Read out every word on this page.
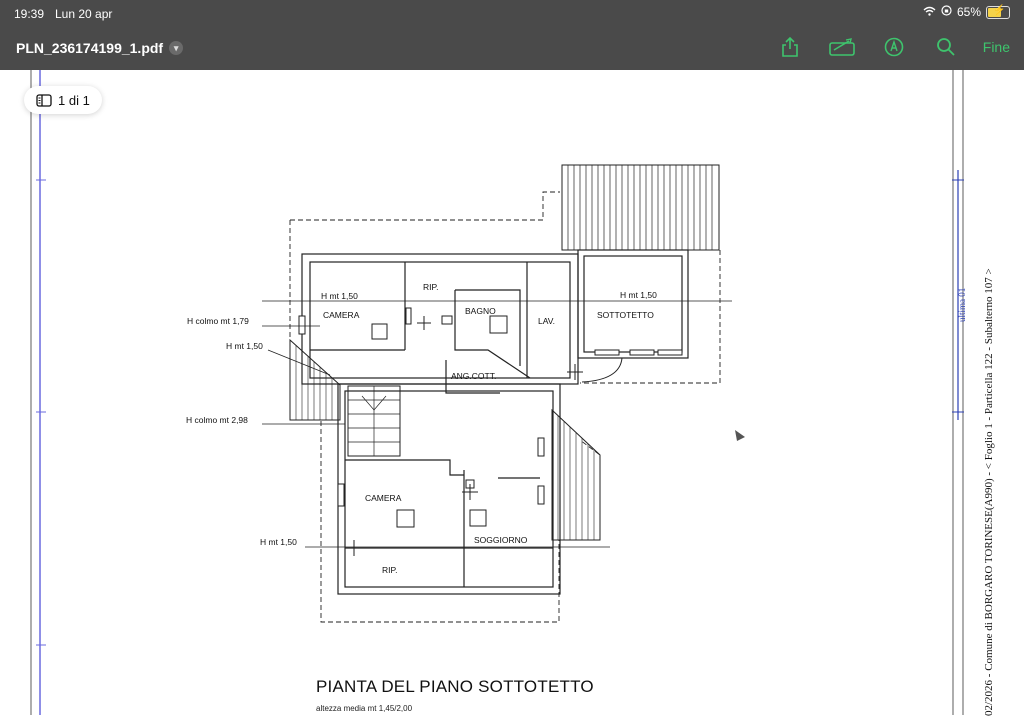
19:39 Lun 20 apr	65% ⚡
PLN_236174199_1.pdf	▾	Fine
1 di 1
CAMERA
RIP.
BAGNO
LAV.
SOTTOTETTO
ANG.COTT.
CAMERA
SOGGIORNO
RIP.
H mt 1,50	H mt 1,50
H colmo mt 1,79
H mt 1,50
H colmo mt 2,98
H mt 1,50
PIANTA DEL PIANO SOTTOTETTO
altezza media mt 1,45/2,00	02/2026 - Comune di BORGARO TORINESE(A990) - < Foglio 1 - Particella 122 - Subalterno 107 >
ultima 01
